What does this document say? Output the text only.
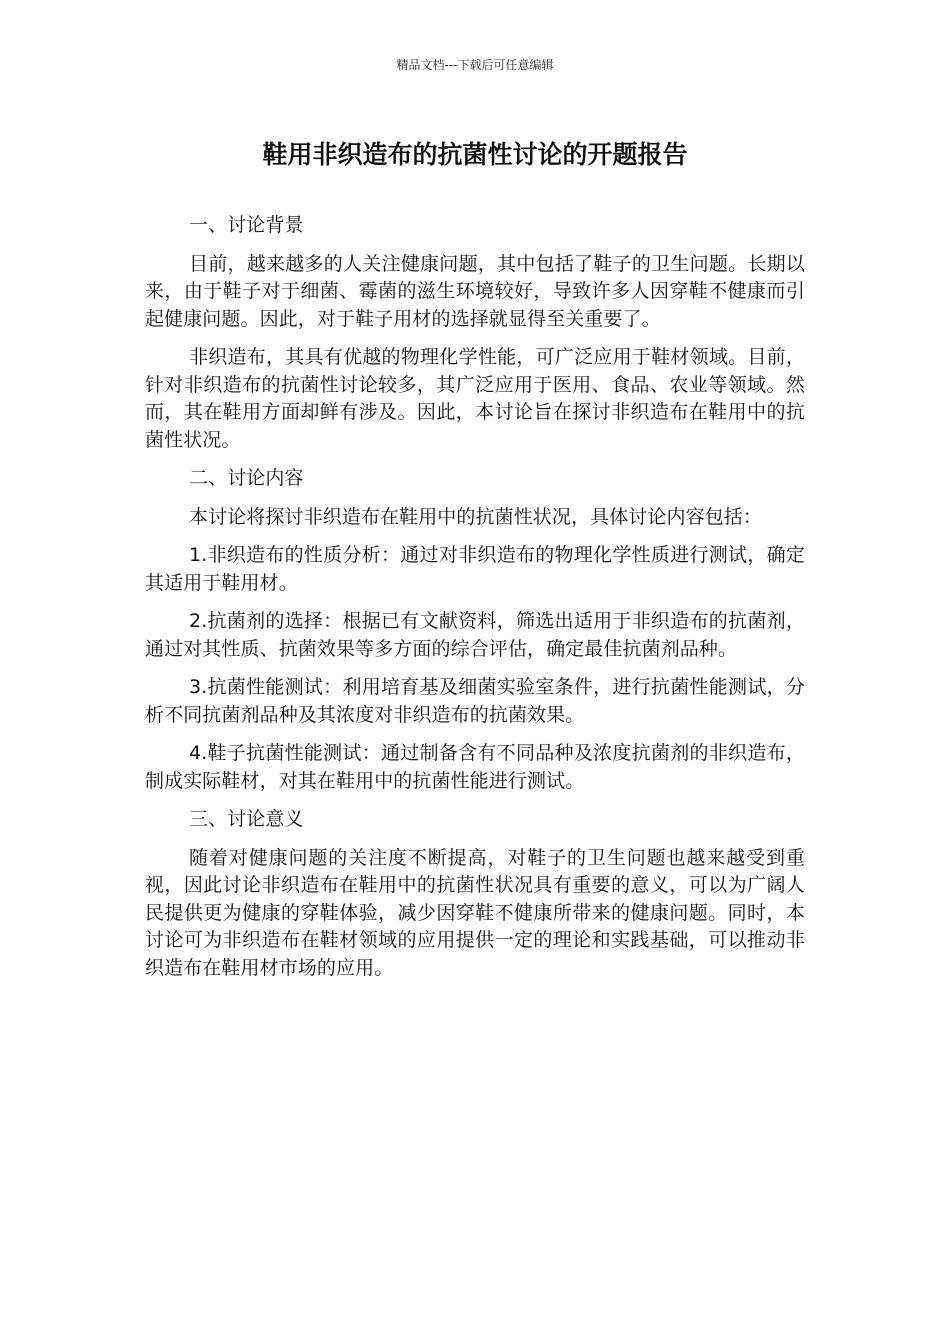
精品文档---下载后可任意编辑
鞋用非织造布的抗菌性讨论的开题报告

一、讨论背景

目前，越来越多的人关注健康问题，其中包括了鞋子的卫生问题。长期以来，由于鞋子对于细菌、霉菌的滋生环境较好，导致许多人因穿鞋不健康而引起健康问题。因此，对于鞋子用材的选择就显得至关重要了。

非织造布，其具有优越的物理化学性能，可广泛应用于鞋材领域。目前，针对非织造布的抗菌性讨论较多，其广泛应用于医用、食品、农业等领域。然而，其在鞋用方面却鲜有涉及。因此，本讨论旨在探讨非织造布在鞋用中的抗菌性状况。

二、讨论内容

本讨论将探讨非织造布在鞋用中的抗菌性状况，具体讨论内容包括：

1.非织造布的性质分析：通过对非织造布的物理化学性质进行测试，确定其适用于鞋用材。

2.抗菌剂的选择：根据已有文献资料，筛选出适用于非织造布的抗菌剂，通过对其性质、抗菌效果等多方面的综合评估，确定最佳抗菌剂品种。

3.抗菌性能测试：利用培育基及细菌实验室条件，进行抗菌性能测试，分析不同抗菌剂品种及其浓度对非织造布的抗菌效果。

4.鞋子抗菌性能测试：通过制备含有不同品种及浓度抗菌剂的非织造布，制成实际鞋材，对其在鞋用中的抗菌性能进行测试。

三、讨论意义

随着对健康问题的关注度不断提高，对鞋子的卫生问题也越来越受到重视，因此讨论非织造布在鞋用中的抗菌性状况具有重要的意义，可以为广阔人民提供更为健康的穿鞋体验，减少因穿鞋不健康所带来的健康问题。同时，本讨论可为非织造布在鞋材领域的应用提供一定的理论和实践基础，可以推动非织造布在鞋用材市场的应用。
